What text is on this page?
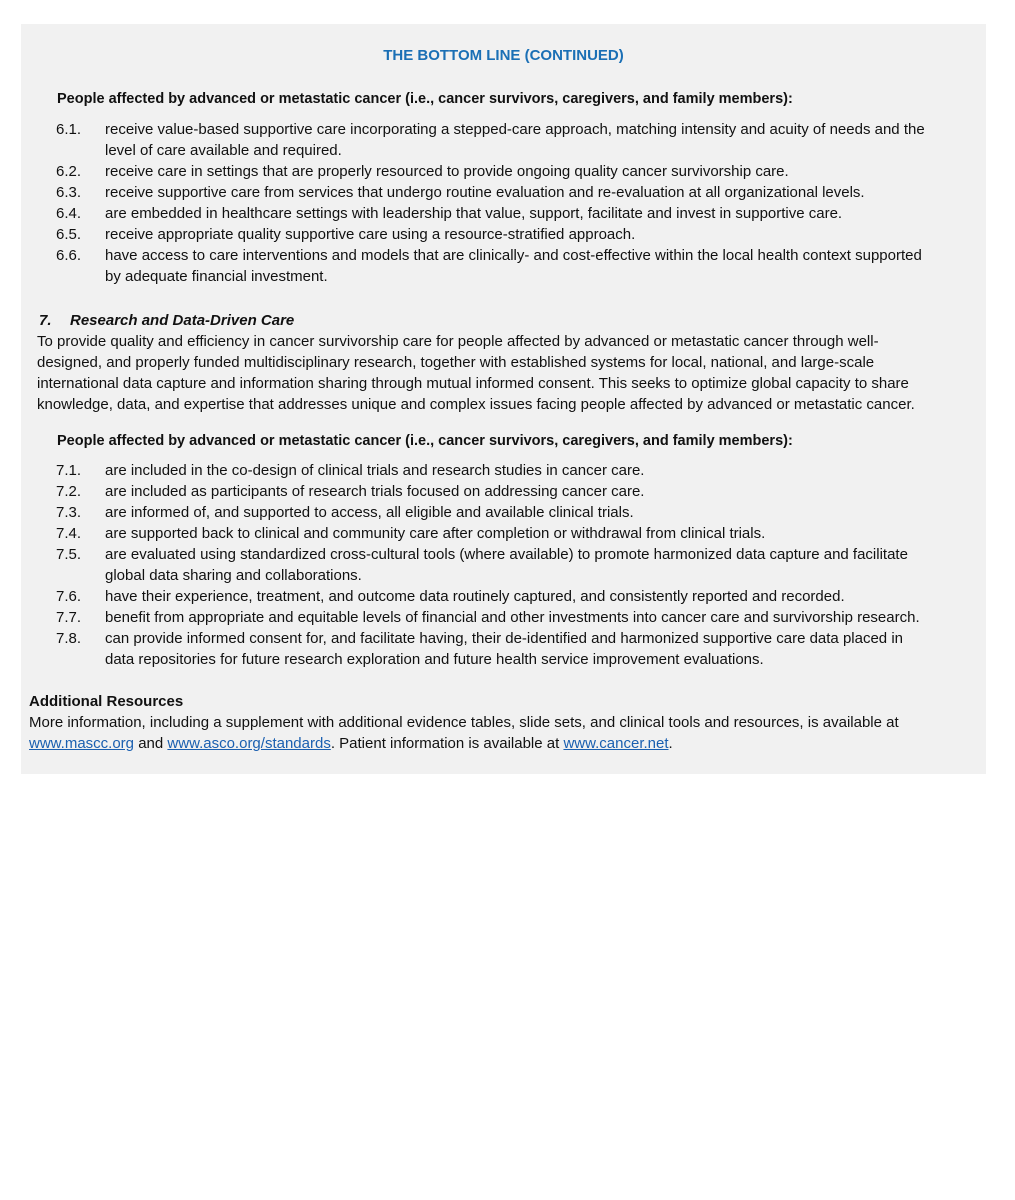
THE BOTTOM LINE (CONTINUED)
People affected by advanced or metastatic cancer (i.e., cancer survivors, caregivers, and family members):
6.1. receive value-based supportive care incorporating a stepped-care approach, matching intensity and acuity of needs and the
level of care available and required.
6.2. receive care in settings that are properly resourced to provide ongoing quality cancer survivorship care.
6.3. receive supportive care from services that undergo routine evaluation and re-evaluation at all organizational levels.
6.4. are embedded in healthcare settings with leadership that value, support, facilitate and invest in supportive care.
6.5. receive appropriate quality supportive care using a resource-stratified approach.
6.6. have access to care interventions and models that are clinically- and cost-effective within the local health context supported
by adequate financial investment.
7. Research and Data-Driven Care
To provide quality and efficiency in cancer survivorship care for people affected by advanced or metastatic cancer through well-
designed, and properly funded multidisciplinary research, together with established systems for local, national, and large-scale
international data capture and information sharing through mutual informed consent. This seeks to optimize global capacity to share
knowledge, data, and expertise that addresses unique and complex issues facing people affected by advanced or metastatic cancer.
People affected by advanced or metastatic cancer (i.e., cancer survivors, caregivers, and family members):
7.1. are included in the co-design of clinical trials and research studies in cancer care.
7.2. are included as participants of research trials focused on addressing cancer care.
7.3. are informed of, and supported to access, all eligible and available clinical trials.
7.4. are supported back to clinical and community care after completion or withdrawal from clinical trials.
7.5. are evaluated using standardized cross-cultural tools (where available) to promote harmonized data capture and facilitate
global data sharing and collaborations.
7.6. have their experience, treatment, and outcome data routinely captured, and consistently reported and recorded.
7.7. benefit from appropriate and equitable levels of financial and other investments into cancer care and survivorship research.
7.8. can provide informed consent for, and facilitate having, their de-identified and harmonized supportive care data placed in
data repositories for future research exploration and future health service improvement evaluations.
Additional Resources
More information, including a supplement with additional evidence tables, slide sets, and clinical tools and resources, is available at
www.mascc.org and www.asco.org/standards. Patient information is available at www.cancer.net.
